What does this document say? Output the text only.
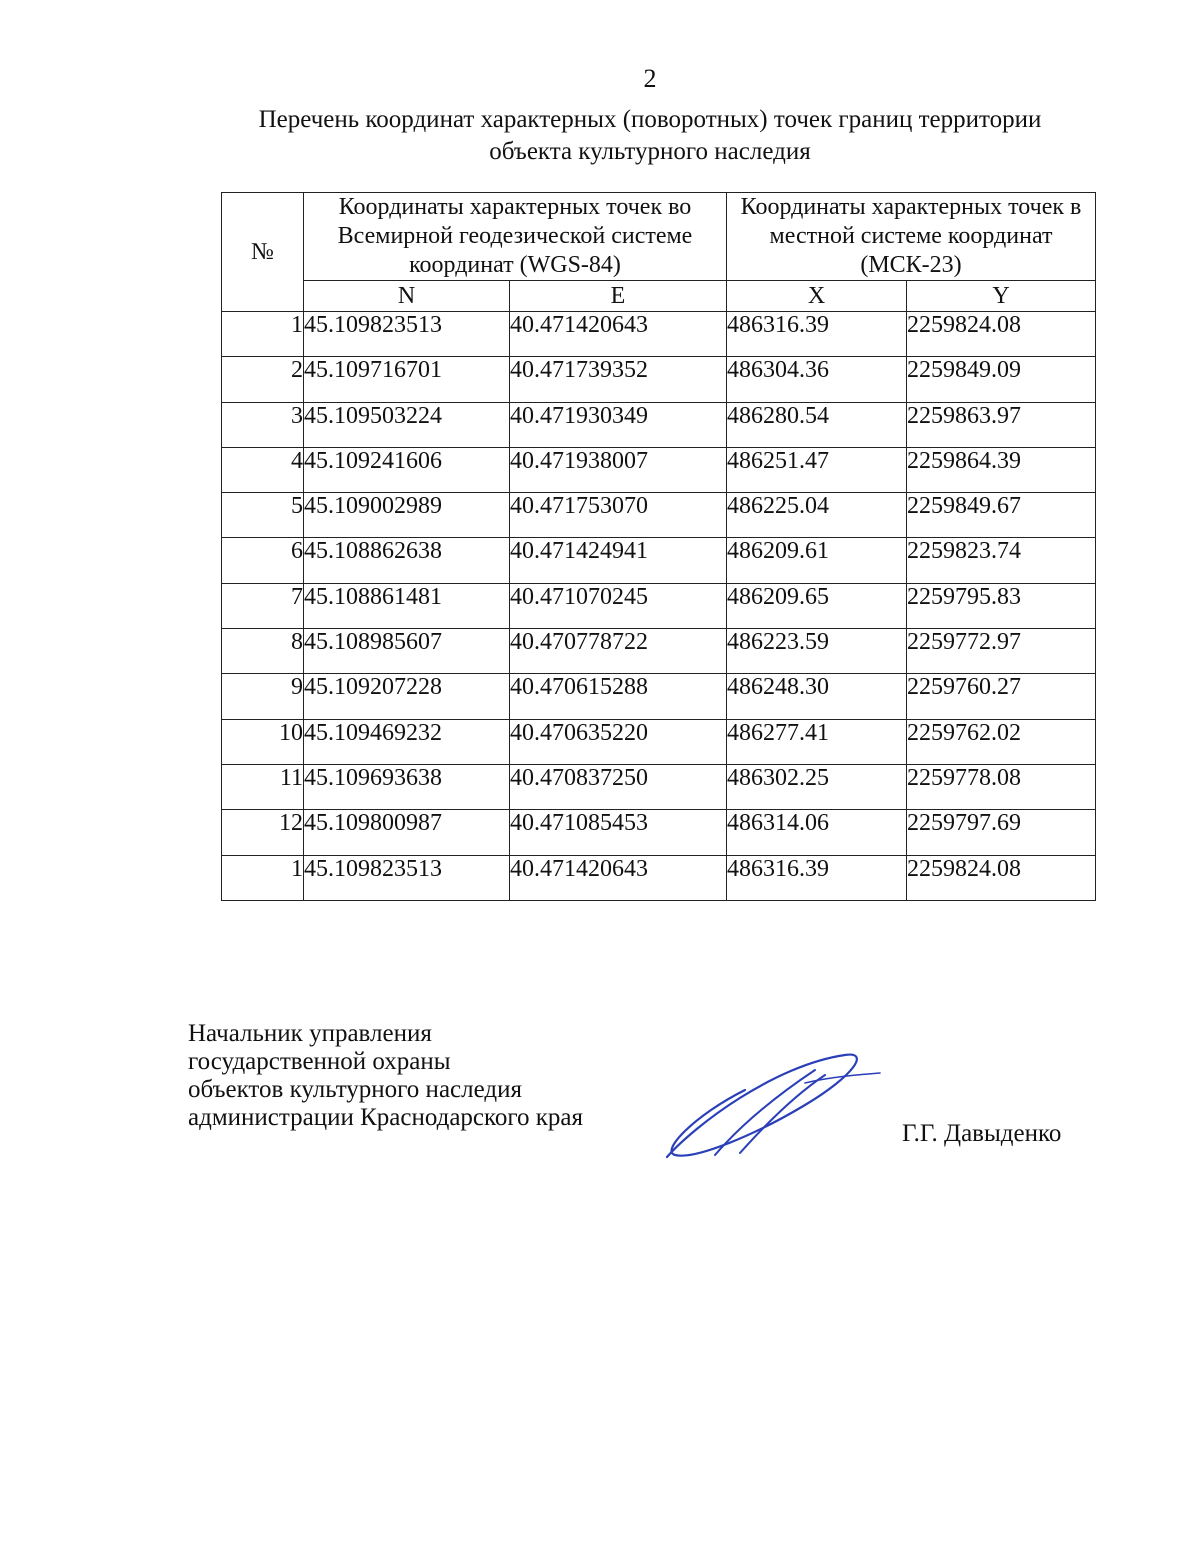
2
Перечень координат характерных (поворотных) точек границ территории
объекта культурного наследия
№	Координаты характерных точек во Всемирной геодезической системе координат (WGS-84)		Координаты характерных точек в местной системе координат (МСК-23)	
	N	E	X	Y
1	45.109823513	40.471420643	486316.39	2259824.08
2	45.109716701	40.471739352	486304.36	2259849.09
3	45.109503224	40.471930349	486280.54	2259863.97
4	45.109241606	40.471938007	486251.47	2259864.39
5	45.109002989	40.471753070	486225.04	2259849.67
6	45.108862638	40.471424941	486209.61	2259823.74
7	45.108861481	40.471070245	486209.65	2259795.83
8	45.108985607	40.470778722	486223.59	2259772.97
9	45.109207228	40.470615288	486248.30	2259760.27
10	45.109469232	40.470635220	486277.41	2259762.02
11	45.109693638	40.470837250	486302.25	2259778.08
12	45.109800987	40.471085453	486314.06	2259797.69
1	45.109823513	40.471420643	486316.39	2259824.08
Начальник управления
государственной охраны
объектов культурного наследия
администрации Краснодарского края
Г.Г. Давыденко
